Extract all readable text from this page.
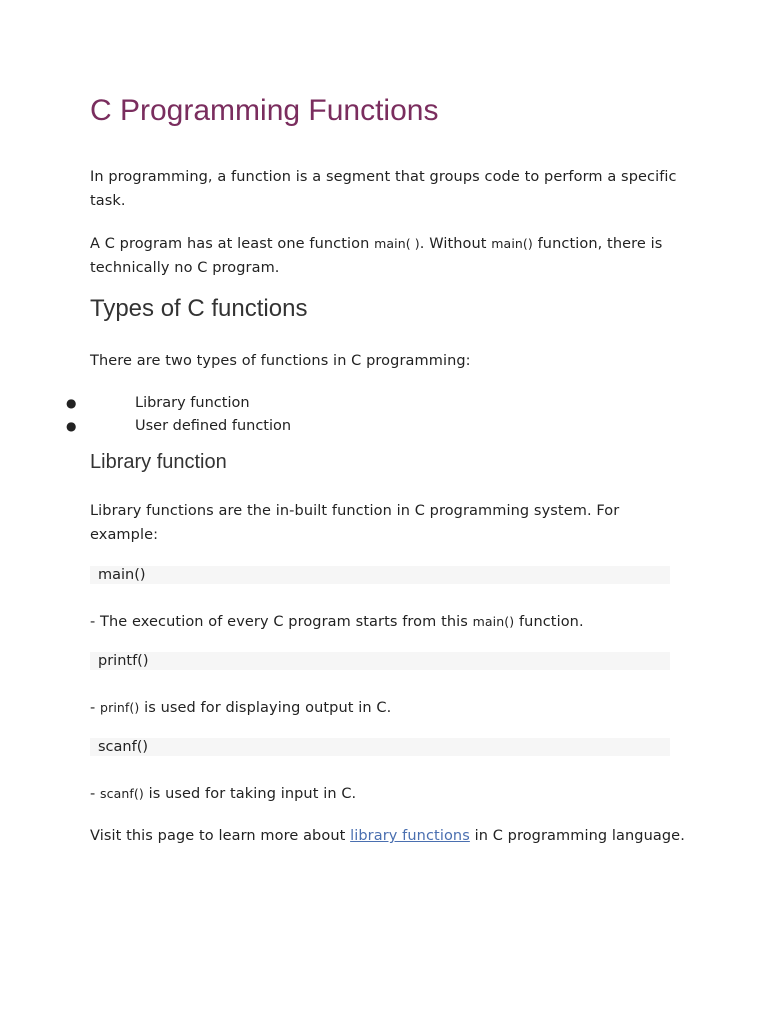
C Programming Functions

In programming, a function is a segment that groups code to perform a specific task.

A C program has at least one function main( ). Without main() function, there is technically no C program.

Types of C functions

There are two types of functions in C programming:

●	Library function
●	User defined function
Library function

Library functions are the in-built function in C programming system. For example:

main()

- The execution of every C program starts from this main() function.

printf()

- prinf() is used for displaying output in C.

scanf()

- scanf() is used for taking input in C.

Visit this page to learn more about library functions in C programming language.
